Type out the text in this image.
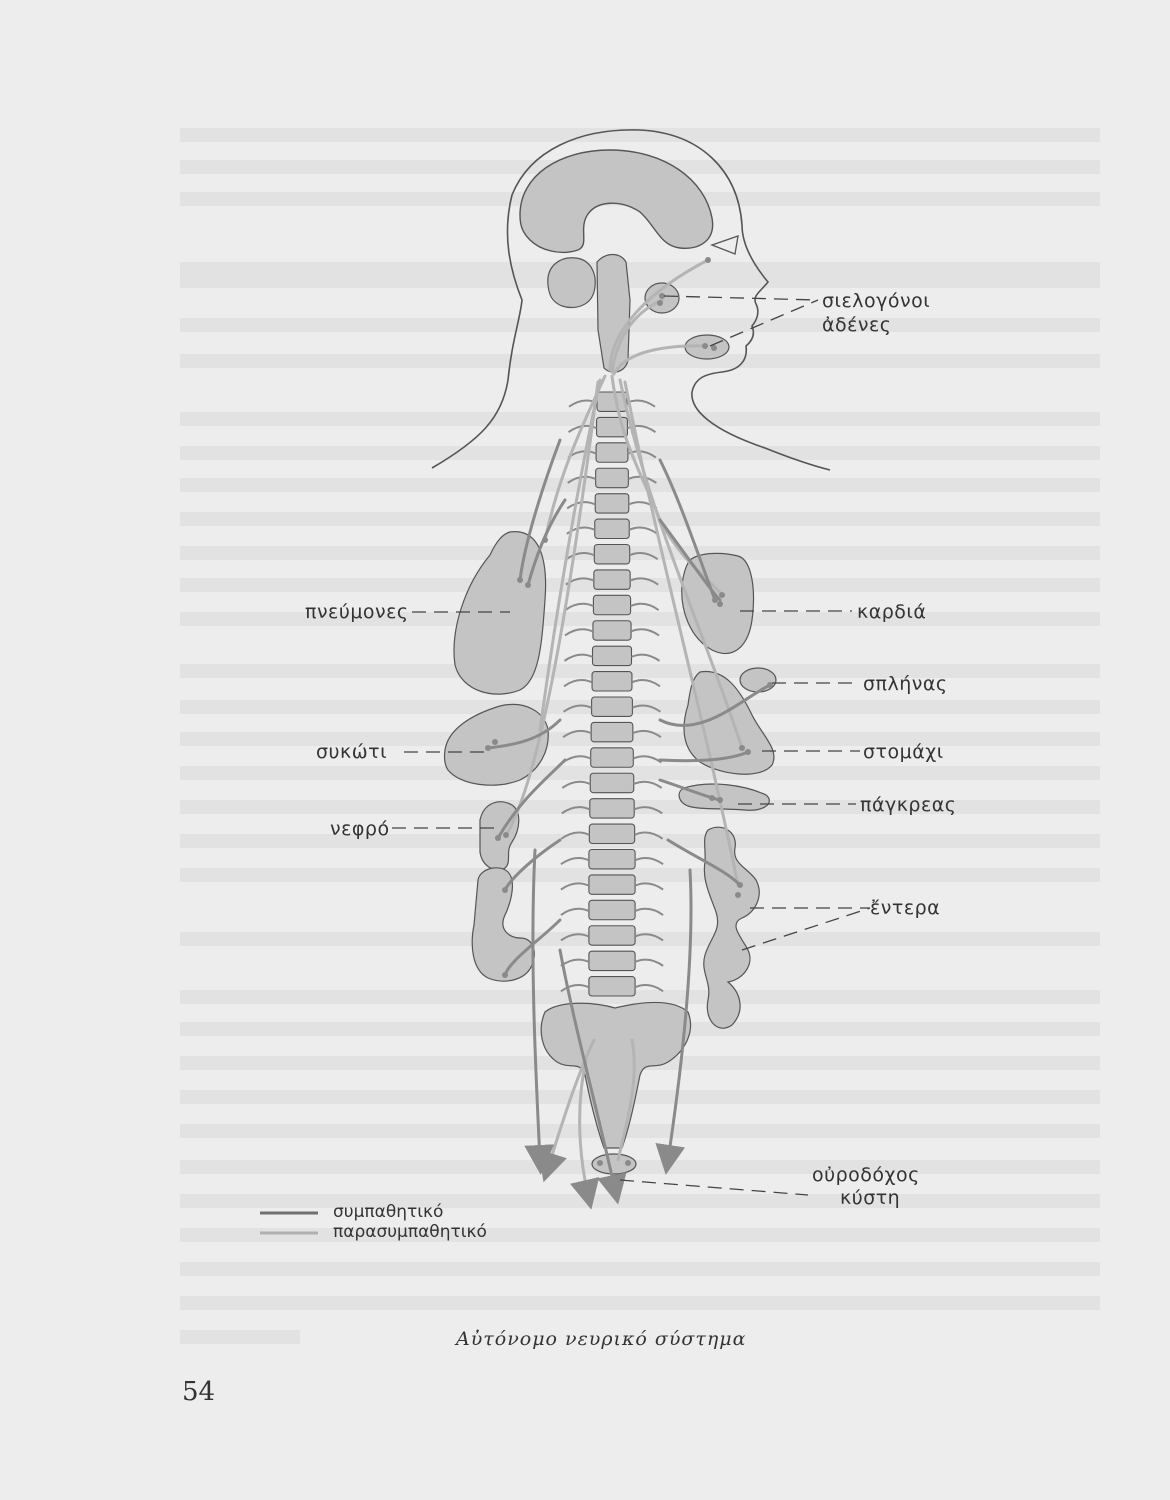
σιελογόνοι
ἀδένες
πνεύμονες	καρδιά
σπλήνας
συκώτι	στομάχι
πάγκρεας
νεφρό
ἔντερα
οὐροδόχος
κύστη
συμπαθητικό
παρασυμπαθητικό
Αὐτόνομο νευρικό σύστημα
54
